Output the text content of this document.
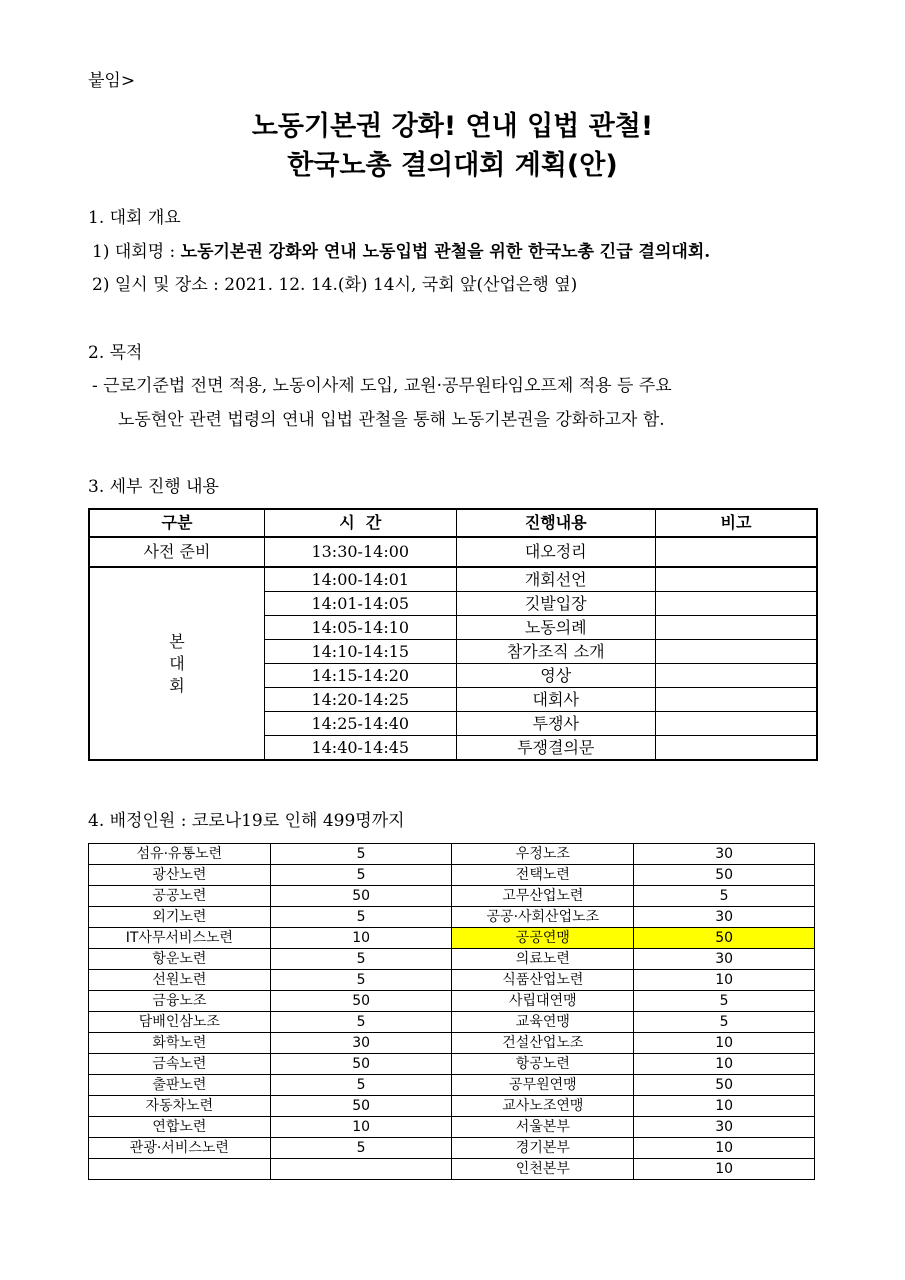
붙임>
노동기본권 강화! 연내 입법 관철!
한국노총 결의대회 계획(안)
1. 대회 개요
1) 대회명 : 노동기본권 강화와 연내 노동입법 관철을 위한 한국노총 긴급 결의대회.
2) 일시 및 장소 : 2021. 12. 14.(화) 14시, 국회 앞(산업은행 옆)
2. 목적
- 근로기준법 전면 적용, 노동이사제 도입, 교원·공무원타임오프제 적용 등 주요
노동현안 관련 법령의 연내 입법 관철을 통해 노동기본권을 강화하고자 함.
3. 세부 진행 내용
구분	시  간	진행내용	비고
사전 준비	13:30-14:00	대오정리	

본
대
회	14:00-14:01	개회선언	
	14:01-14:05	깃발입장	
	14:05-14:10	노동의례	
	14:10-14:15	참가조직 소개	
	14:15-14:20	영상	
	14:20-14:25	대회사	
	14:25-14:40	투쟁사	
	14:40-14:45	투쟁결의문	
4. 배정인원 : 코로나19로 인해 499명까지
섬유·유통노련	5	우정노조	30
광산노련	5	전택노련	50
공공노련	50	고무산업노련	5
외기노련	5	공공·사회산업노조	30
IT사무서비스노련	10	공공연맹	50
항운노련	5	의료노련	30
선원노련	5	식품산업노련	10
금융노조	50	사립대연맹	5
담배인삼노조	5	교육연맹	5
화학노련	30	건설산업노조	10
금속노련	50	항공노련	10
출판노련	5	공무원연맹	50
자동차노련	50	교사노조연맹	10
연합노련	10	서울본부	30
관광·서비스노련	5	경기본부	10
		인천본부	10
